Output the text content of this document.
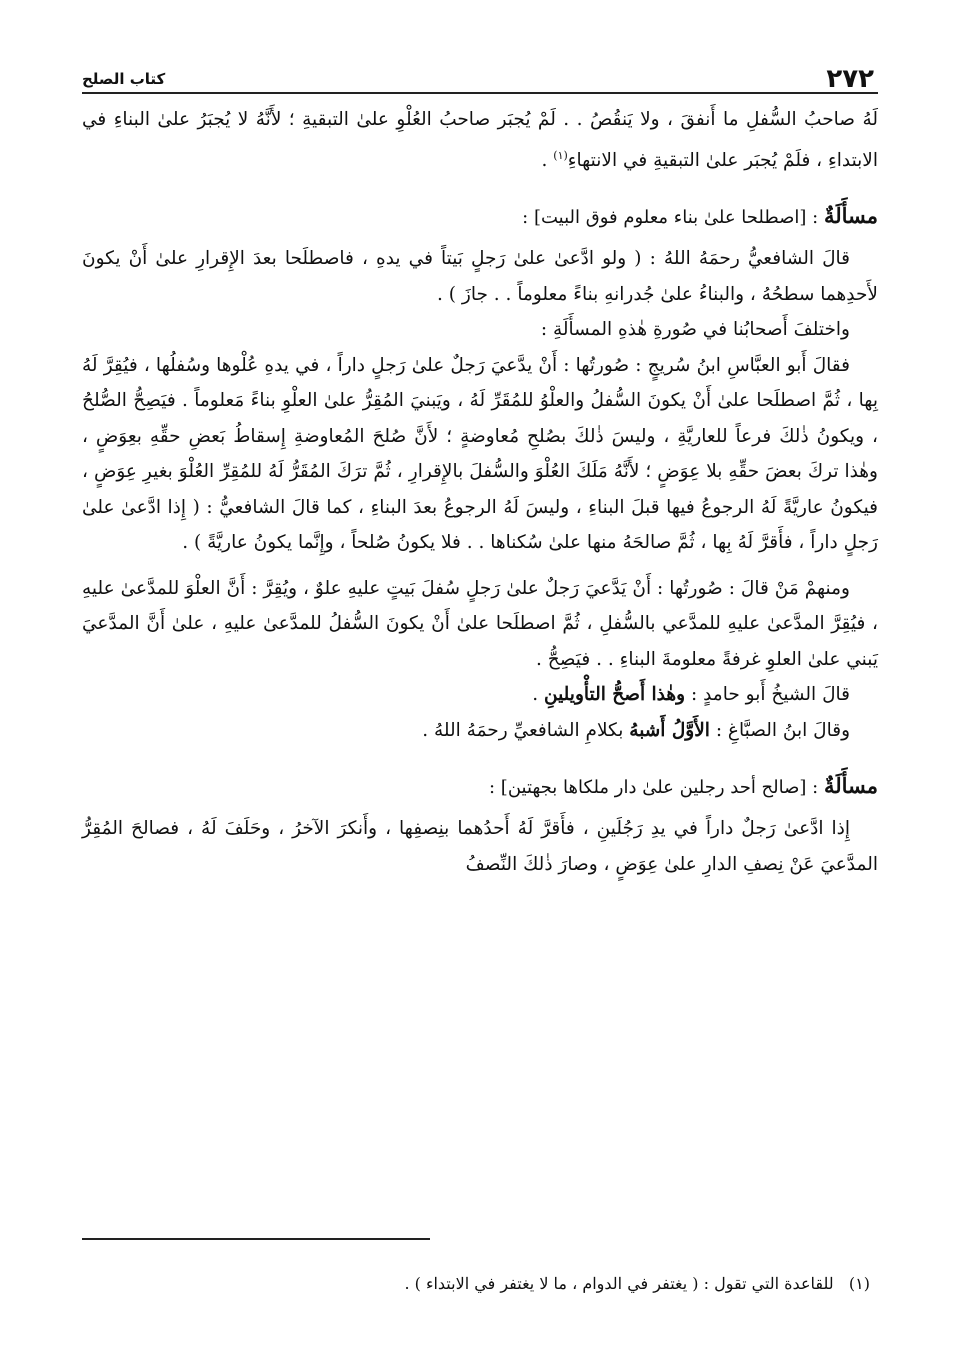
٢٧٢
كتاب الصلح

لَهُ صاحبُ السُّفلِ ما أَنفقَ ، ولا يَنقُصُ . . لَمْ يُجبَر صاحبُ العُلْوِ علىٰ التبقيةِ ؛ لأَنَّهُ لا يُجبَرُ علىٰ البناءِ في الابتداءِ ، فلَمْ يُجبَر علىٰ التبقيةِ في الانتهاءِ$^{(١)}$ .

مسأَلَةٌ : [اصطلحا علىٰ بناء معلوم فوق البيت] :

قالَ الشافعيُّ رحمَهُ اللهُ : ( ولو ادَّعىٰ علىٰ رَجلٍ بَيتاً في يدهِ ، فاصطلَحا بعدَ الإِقرارِ علىٰ أَنْ يكونَ لأَحدِهما سطحُهُ ، والبناءُ علىٰ جُدرانهِ بناءً معلوماً . . جازَ ) .

واختلفَ أَصحابُنا في صُورةِ هٰذهِ المسأَلَةِ :

فقالَ أَبو العبَّاسِ ابنُ سُريجٍ : صُورتُها : أَنْ يدَّعيَ رَجلٌ علىٰ رَجلٍ داراً ، في يدهِ عُلْوها وسُفلُها ، فيُقِرَّ لَهُ بِها ، ثُمَّ اصطلَحا علىٰ أَنْ يكونَ السُّفلُ والعلْوُ للمُقَرِّ لَهُ ، ويَبنيَ المُقِرُّ علىٰ العلْوِ بناءً مَعلوماً . فيَصِحُّ الصُّلحُ ، ويكونُ ذٰلكَ فرعاً للعاريَّةِ ، وليسَ ذٰلكَ بصُلحِ مُعاوضةٍ ؛ لأَنَّ صُلحَ المُعاوضةِ إِسقاطُ بَعضِ حقِّهِ بعِوَضٍ ، وهٰذا تركَ بعضَ حقِّهِ بلا عِوَضٍ ؛ لأَنَّهُ مَلَكَ العُلْوَ والسُّفلَ بالإِقرارِ ، ثُمَّ ترَكَ المُقَرُّ لَهُ للمُقِرِّ العُلْوَ بغيرِ عِوَضٍ ، فيكونُ عاريَّةً لَهُ الرجوعُ فيها قبلَ البناءِ ، وليسَ لَهُ الرجوعُ بعدَ البناءِ ، كما قالَ الشافعيُّ : ( إِذا ادَّعىٰ علىٰ رَجلٍ داراً ، فأَقرَّ لَهُ بِها ، ثُمَّ صالحَهُ منها علىٰ سُكناها . . فلا يكونُ صُلحاً ، وإِنَّما يكونُ عاريَّةً ) .

ومنهمْ مَنْ قالَ : صُورتُها : أَنْ يَدَّعيَ رَجلٌ علىٰ رَجلٍ سُفلَ بَيتٍ عليهِ علوٌ ، ويُقِرَّ : أَنَّ العلْوَ للمدَّعىٰ عليهِ ، فيُقِرَّ المدَّعىٰ عليهِ للمدَّعي بالسُّفلِ ، ثُمَّ اصطلَحا علىٰ أَنْ يكونَ السُّفلُ للمدَّعىٰ عليهِ ، علىٰ أَنَّ المدَّعيَ يَبني علىٰ العلوِ غرفةً معلومةَ البناءِ . . فيَصِحُّ .

قالَ الشيخُ أَبو حامدٍ : وهٰذا أَصحُّ التأْويلينِ .

وقالَ ابنُ الصبَّاغِ : الأَوَّلُ أَشبهُ بكلامِ الشافعيِّ رحمَهُ اللهُ .

مسأَلَةٌ : [صالح أحد رجلين علىٰ دار ملكاها بجهتين] :

إِذا ادَّعىٰ رَجلٌ داراً في يدِ رَجُلَينِ ، فأَقرَّ لَهُ أَحدُهما بنِصفِها ، وأَنكرَ الآخرُ ، وحَلَفَ لَهُ ، فصالحَ المُقِرُّ المدَّعيَ عَنْ نِصفِ الدارِ علىٰ عِوَضٍ ، وصارَ ذٰلكَ النِّصفُ

(١)   للقاعدة التي تقول : ( يغتفر في الدوام ، ما لا يغتفر في الابتداء ) .
